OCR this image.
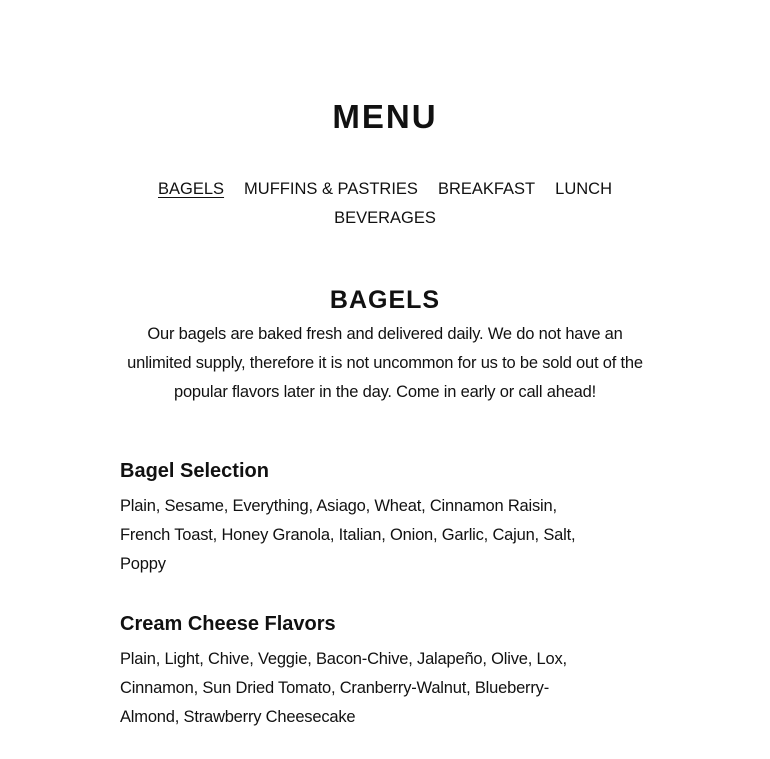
MENU
BAGELS MUFFINS & PASTRIES BREAKFAST LUNCH
BEVERAGES
BAGELS

Our bagels are baked fresh and delivered daily. We do not have an unlimited supply, therefore it is not uncommon for us to be sold out of the popular flavors later in the day. Come in early or call ahead!

Bagel Selection

Plain, Sesame, Everything, Asiago, Wheat, Cinnamon Raisin, French Toast, Honey Granola, Italian, Onion, Garlic, Cajun, Salt, Poppy

Cream Cheese Flavors

Plain, Light, Chive, Veggie, Bacon-Chive, Jalapeño, Olive, Lox, Cinnamon, Sun Dried Tomato, Cranberry-Walnut, Blueberry-Almond, Strawberry Cheesecake
